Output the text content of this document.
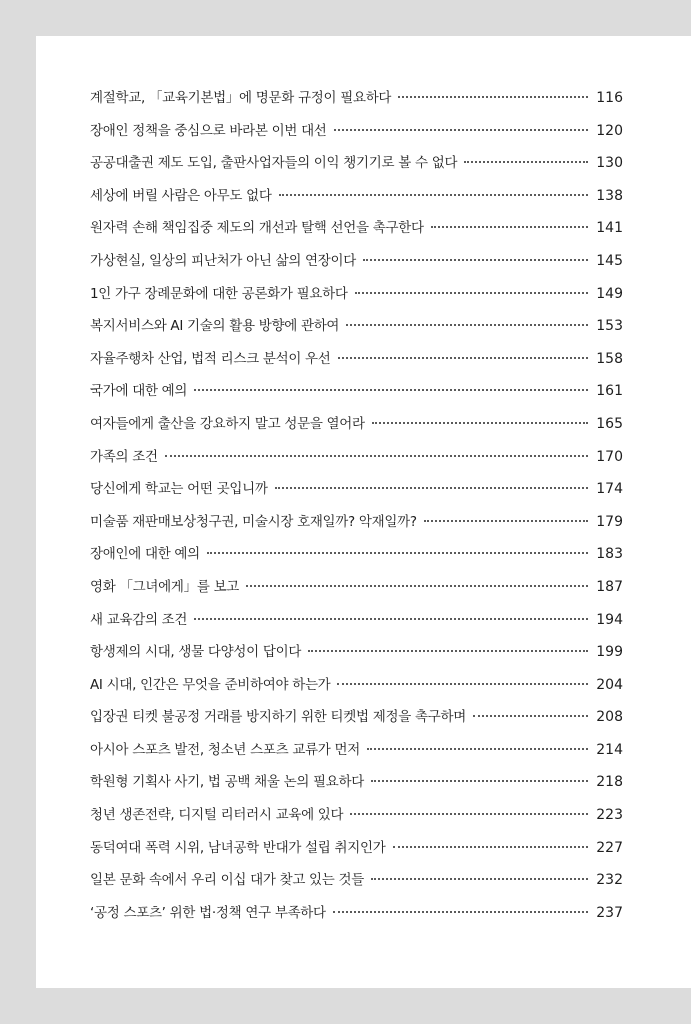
계절학교, 「교육기본법」에 명문화 규정이 필요하다	116
장애인 정책을 중심으로 바라본 이번 대선	120
공공대출권 제도 도입, 출판사업자들의 이익 챙기기로 볼 수 없다	130
세상에 버릴 사람은 아무도 없다	138
원자력 손해 책임집중 제도의 개선과 탈핵 선언을 촉구한다	141
가상현실, 일상의 피난처가 아닌 삶의 연장이다	145
1인 가구 장례문화에 대한 공론화가 필요하다	149
복지서비스와 AI 기술의 활용 방향에 관하여	153
자율주행차 산업, 법적 리스크 분석이 우선	158
국가에 대한 예의	161
여자들에게 출산을 강요하지 말고 성문을 열어라	165
가족의 조건	170
당신에게 학교는 어떤 곳입니까	174
미술품 재판매보상청구권, 미술시장 호재일까? 악재일까?	179
장애인에 대한 예의	183
영화 「그녀에게」를 보고	187
새 교육감의 조건	194
항생제의 시대, 생물 다양성이 답이다	199
AI 시대, 인간은 무엇을 준비하여야 하는가	204
입장권 티켓 불공정 거래를 방지하기 위한 티켓법 제정을 촉구하며	208
아시아 스포츠 발전, 청소년 스포츠 교류가 먼저	214
학원형 기획사 사기, 법 공백 채울 논의 필요하다	218
청년 생존전략, 디지털 리터러시 교육에 있다	223
동덕여대 폭력 시위, 남녀공학 반대가 설립 취지인가	227
일본 문화 속에서 우리 이십 대가 찾고 있는 것들	232
‘공정 스포츠’ 위한 법·정책 연구 부족하다	237
